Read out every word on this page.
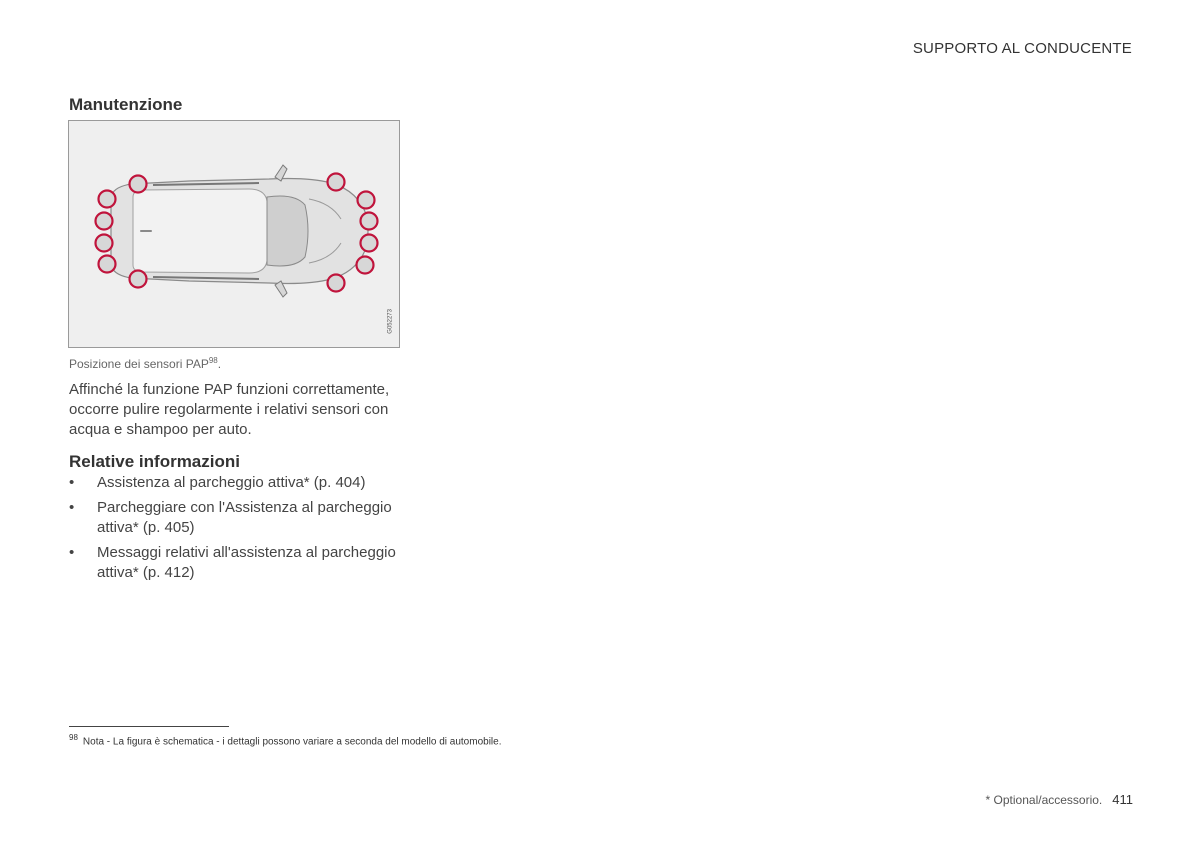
SUPPORTO AL CONDUCENTE
Manutenzione
G052273
Posizione dei sensori PAP$^{98}$.

Affinché la funzione PAP funzioni correttamente, occorre pulire regolarmente i relativi sensori con acqua e shampoo per auto.

Relative informazioni
• Assistenza al parcheggio attiva* (p. 404)
• Parcheggiare con l'Assistenza al parcheggio attiva* (p. 405)
• Messaggi relativi all'assistenza al parcheggio attiva* (p. 412)
$^{98}$ Nota - La figura è schematica - i dettagli possono variare a seconda del modello di automobile.
* Optional/accessorio. 411
